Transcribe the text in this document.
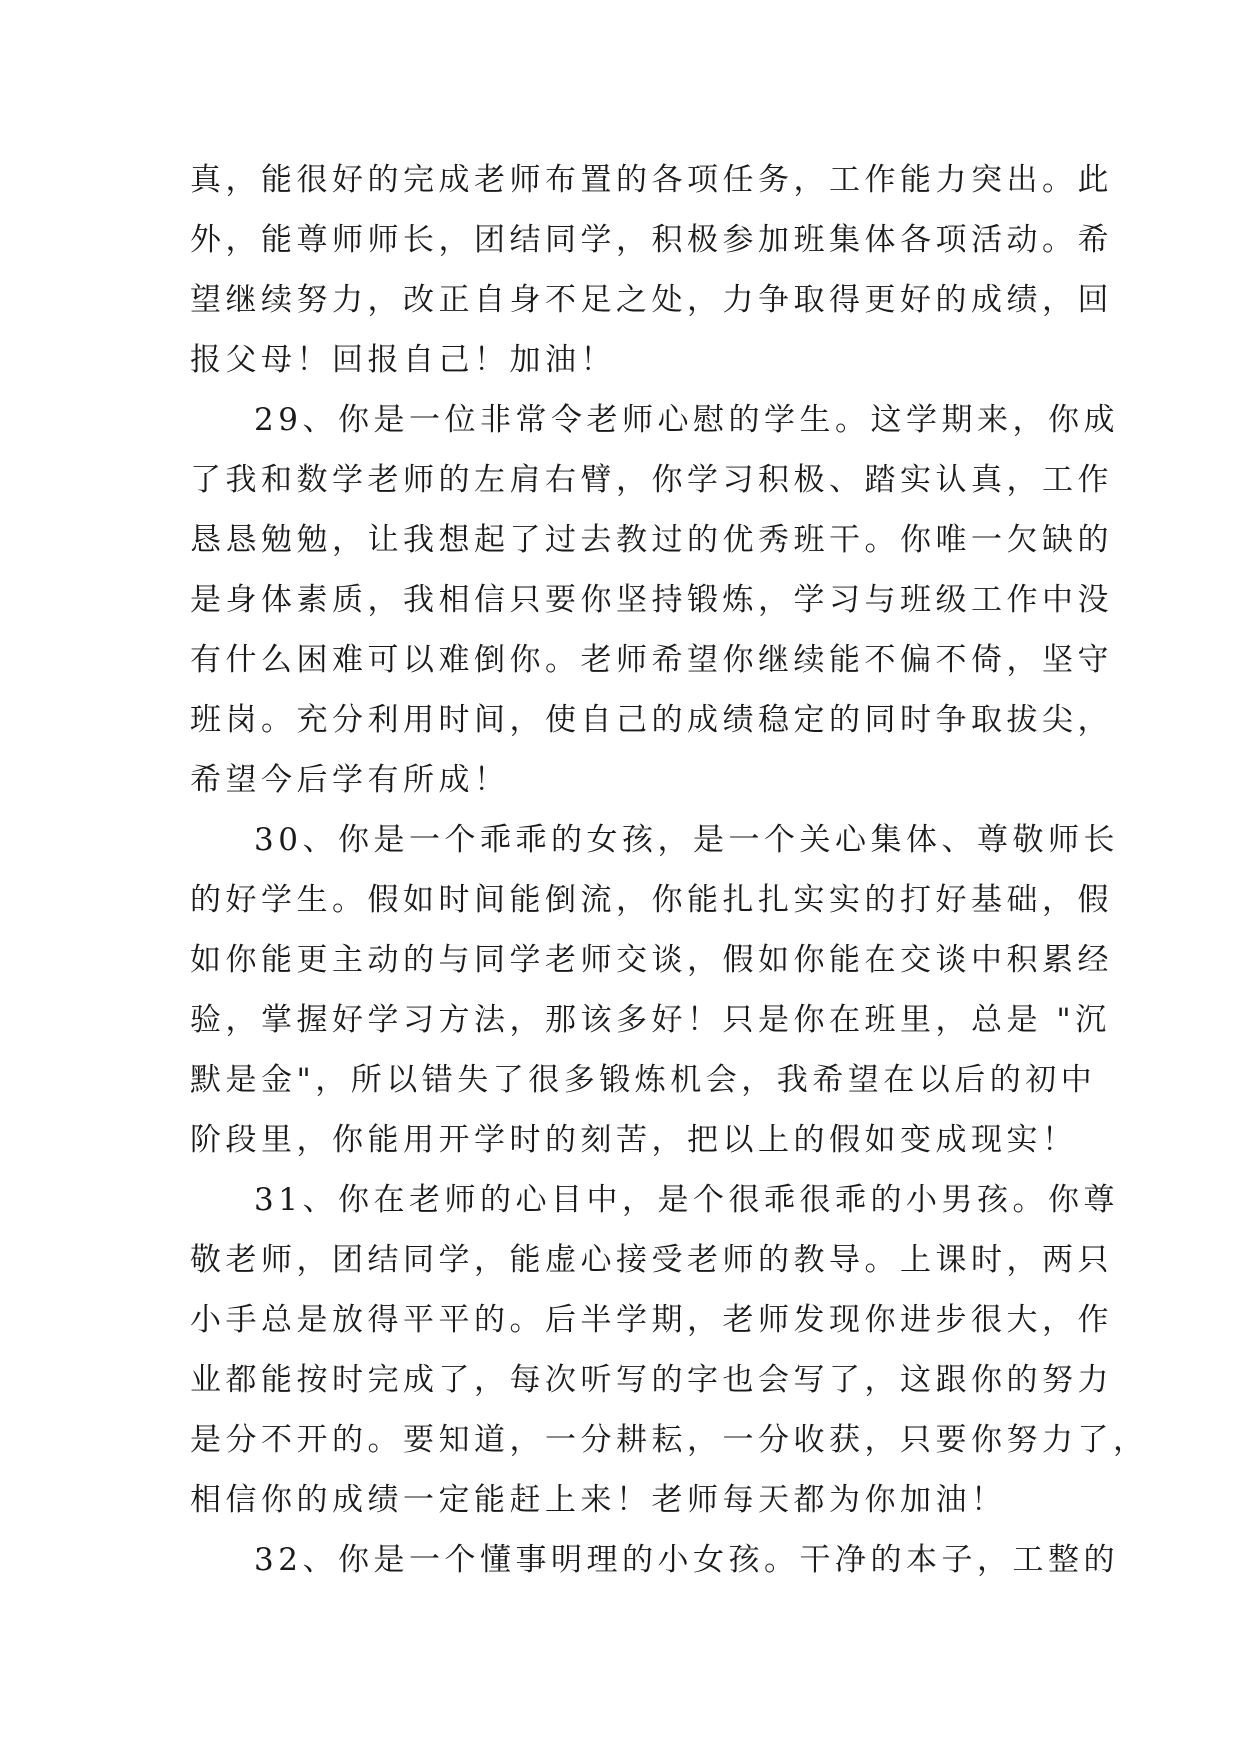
真，能很好的完成老师布置的各项任务，工作能力突出。此
外，能尊师师长，团结同学，积极参加班集体各项活动。希
望继续努力，改正自身不足之处，力争取得更好的成绩，回
报父母！回报自己！加油！
29、你是一位非常令老师心慰的学生。这学期来，你成
了我和数学老师的左肩右臂，你学习积极、踏实认真，工作
恳恳勉勉，让我想起了过去教过的优秀班干。你唯一欠缺的
是身体素质，我相信只要你坚持锻炼，学习与班级工作中没
有什么困难可以难倒你。老师希望你继续能不偏不倚，坚守
班岗。充分利用时间，使自己的成绩稳定的同时争取拔尖，
希望今后学有所成！
30、你是一个乖乖的女孩，是一个关心集体、尊敬师长
的好学生。假如时间能倒流，你能扎扎实实的打好基础，假
如你能更主动的与同学老师交谈，假如你能在交谈中积累经
验，掌握好学习方法，那该多好！只是你在班里，总是 "沉
默是金"，所以错失了很多锻炼机会，我希望在以后的初中
阶段里，你能用开学时的刻苦，把以上的假如变成现实！
31、你在老师的心目中，是个很乖很乖的小男孩。你尊
敬老师，团结同学，能虚心接受老师的教导。上课时，两只
小手总是放得平平的。后半学期，老师发现你进步很大，作
业都能按时完成了，每次听写的字也会写了，这跟你的努力
是分不开的。要知道，一分耕耘，一分收获，只要你努力了，
相信你的成绩一定能赶上来！老师每天都为你加油！
32、你是一个懂事明理的小女孩。干净的本子，工整的
